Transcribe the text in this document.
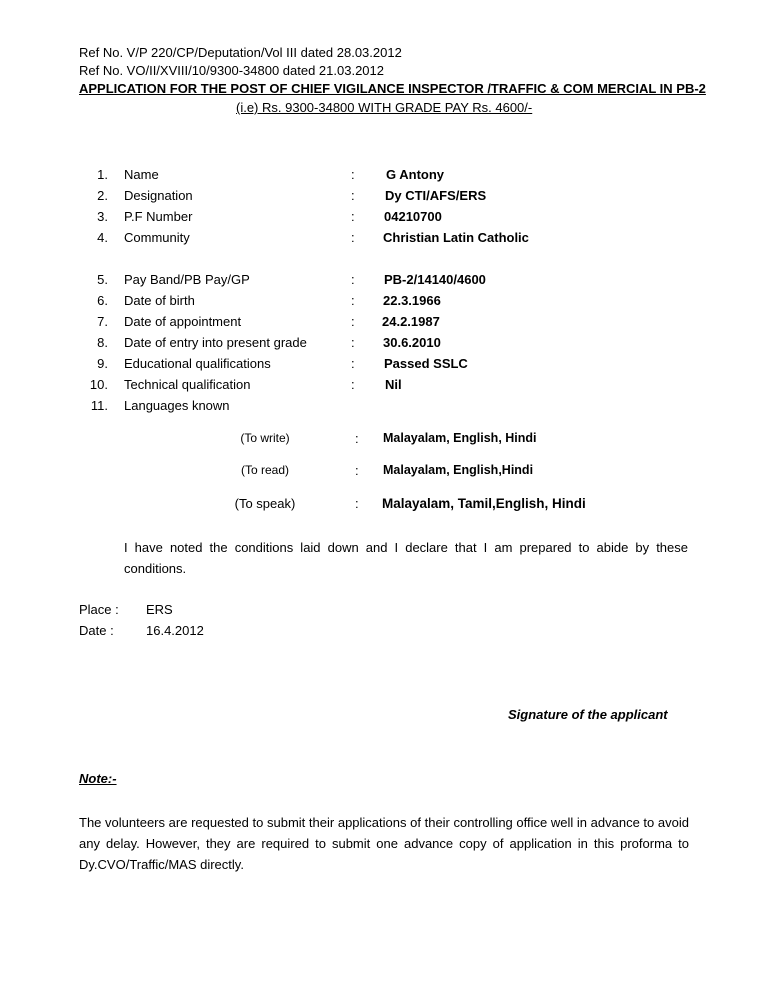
Ref No. V/P 220/CP/Deputation/Vol III dated 28.03.2012
Ref No. VO/II/XVIII/10/9300-34800 dated 21.03.2012
APPLICATION FOR THE POST OF CHIEF VIGILANCE INSPECTOR /TRAFFIC & COM MERCIAL IN PB-2
(i.e) Rs. 9300-34800 WITH GRADE PAY Rs. 4600/-
1. Name	: G Antony
2. Designation	: Dy CTI/AFS/ERS
3. P.F Number	: 04210700
4. Community	: Christian Latin Catholic
5. Pay Band/PB Pay/GP	: PB-2/14140/4600
6. Date of birth	: 22.3.1966
7. Date of appointment	: 24.2.1987
8. Date of entry into present grade	: 30.6.2010
9. Educational qualifications	: Passed SSLC
10. Technical qualification	: Nil
11. Languages known
(To write)	: Malayalam, English, Hindi
(To read)	: Malayalam, English,Hindi
(To speak)	: Malayalam, Tamil,English, Hindi
I have noted the conditions laid down and I declare that I am prepared to abide by these conditions.
Place : ERS
Date : 16.4.2012
Signature of the applicant
Note:-
The volunteers are requested to submit their applications of their controlling office well in advance to avoid any delay. However, they are required to submit one advance copy of application in this proforma to Dy.CVO/Traffic/MAS directly.
